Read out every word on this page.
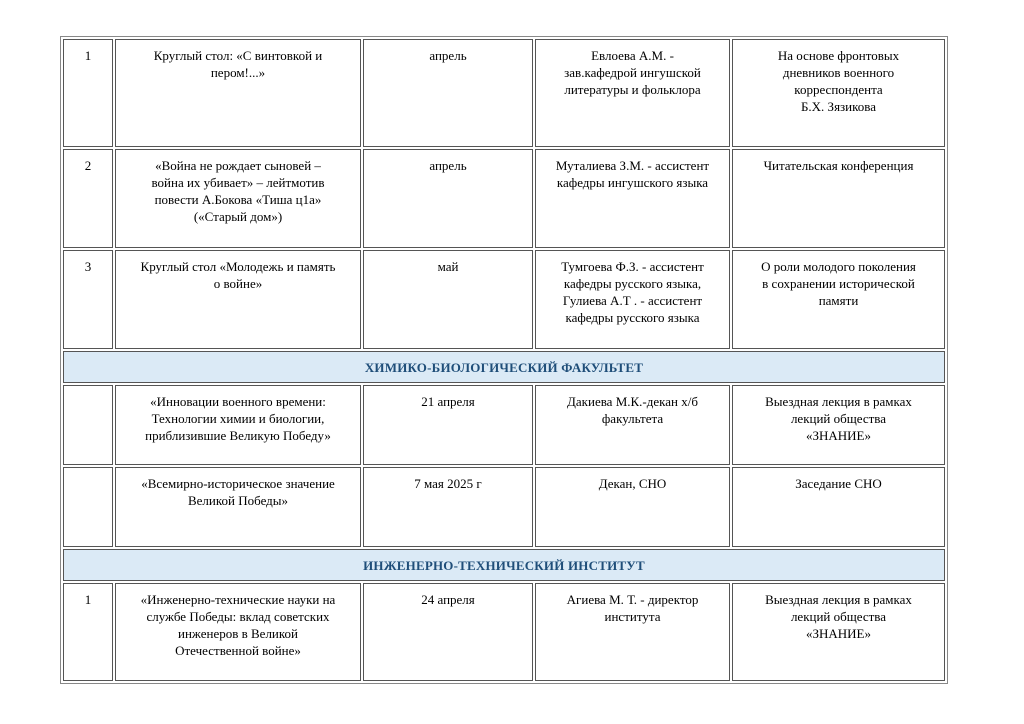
1	Круглый стол: «С винтовкой и
пером!...»	апрель	Евлоева А.М. -
зав.кафедрой ингушской
литературы и фольклора	На основе фронтовых
дневников военного
корреспондента
Б.Х. Зязикова
2	«Война не рождает сыновей –
война их убивает» – лейтмотив
повести А.Бокова «Тиша ц1а»
(«Старый дом»)	апрель	Муталиева З.М. - ассистент
кафедры ингушского языка	Читательская конференция
3	Круглый стол «Молодежь и память
о войне»	май	Тумгоева Ф.З. - ассистент
кафедры русского языка,
Гулиева А.Т . - ассистент
кафедры русского языка	О роли молодого поколения
в сохранении исторической
памяти
ХИМИКО-БИОЛОГИЧЕСКИЙ ФАКУЛЬТЕТ				
	«Инновации военного времени:
Технологии химии и биологии,
приблизившие Великую Победу»	21 апреля	Дакиева М.К.-декан х/б
факультета	Выездная лекция в рамках
лекций общества
«ЗНАНИЕ»
	«Всемирно-историческое значение
Великой Победы»	7 мая 2025 г	Декан, СНО	Заседание СНО
ИНЖЕНЕРНО-ТЕХНИЧЕСКИЙ ИНСТИТУТ				
1	«Инженерно-технические науки на
службе Победы: вклад советских
инженеров в Великой
Отечественной войне»	24 апреля	Агиева М. Т. - директор
института	Выездная лекция в рамках
лекций общества
«ЗНАНИЕ»
